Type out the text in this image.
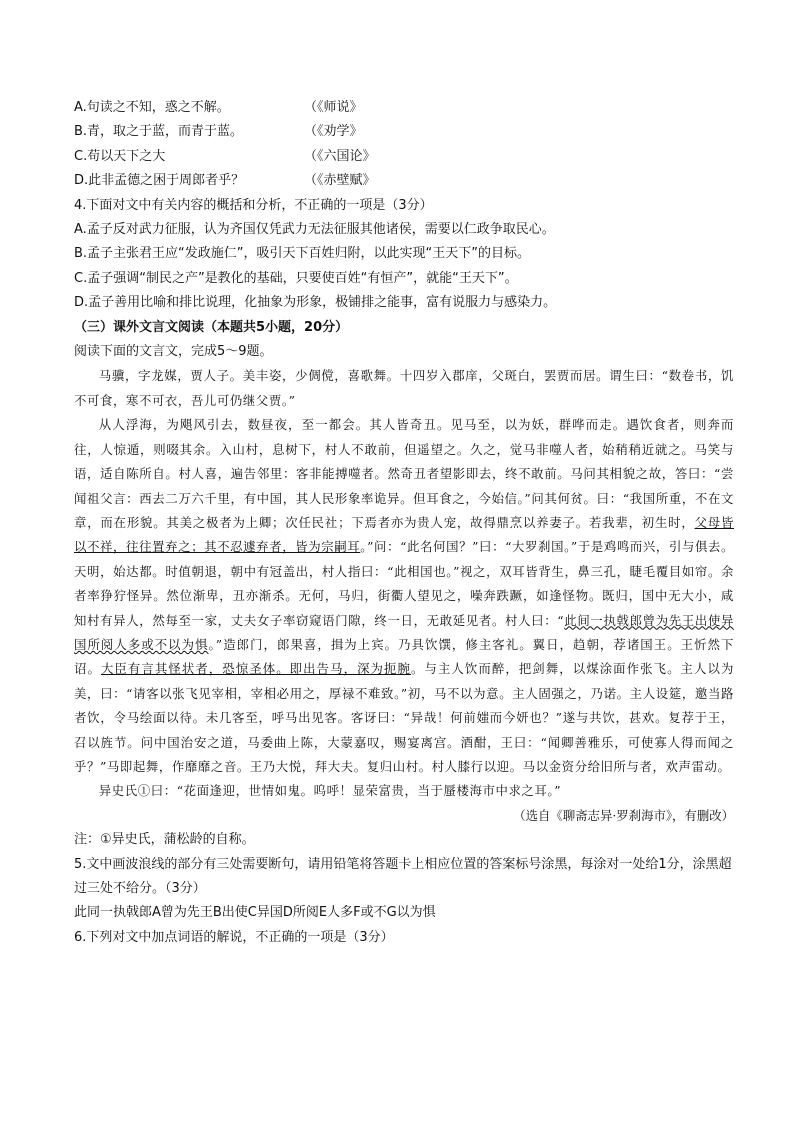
A.句读之不知，惑之不解。	（《师说》
B.青，取之于蓝，而青于蓝。	（《劝学》
C.苟以天下之大	（《六国论》
D.此非孟德之困于周郎者乎？	（《赤壁赋》
4.下面对文中有关内容的概括和分析，不正确的一项是（3分）
A.孟子反对武力征服，认为齐国仅凭武力无法征服其他诸侯，需要以仁政争取民心。
B.孟子主张君王应“发政施仁”，吸引天下百姓归附，以此实现“王天下”的目标。
C.孟子强调“制民之产”是教化的基础，只要使百姓“有恒产”，就能“王天下”。
D.孟子善用比喻和排比说理，化抽象为形象，极铺排之能事，富有说服力与感染力。
（三）课外文言文阅读（本题共5小题，20分）
阅读下面的文言文，完成5～9题。

马骥，字龙媒，贾人子。美丰姿，少倜傥，喜歌舞。十四岁入郡庠，父斑白，罢贾而居。谓生曰：“数卷书，饥不可食，寒不可衣，吾儿可仍继父贾。”

从人浮海，为飓风引去，数昼夜，至一都会。其人皆奇丑。见马至，以为妖，群哗而走。遇饮食者，则奔而往，人惊遁，则啜其余。入山村，息树下，村人不敢前，但遥望之。久之，觉马非噬人者，始稍稍近就之。马笑与语，适自陈所自。村人喜，遍告邻里：客非能搏噬者。然奇丑者望影即去，终不敢前。马问其相貌之故，答曰：“尝闻祖父言：西去二万六千里，有中国，其人民形象率诡异。但耳食之，今始信。”问其何贫。曰：“我国所重，不在文章，而在形貌。其美之极者为上卿；次任民社；下焉者亦为贵人宠，故得鼎烹以养妻子。若我辈，初生时，父母皆以不祥，往往置弃之；其不忍遽弃者，皆为宗嗣耳。”问：“此名何国？”曰：“大罗刹国。”于是鸡鸣而兴，引与俱去。天明，始达都。时值朝退，朝中有冠盖出，村人指曰：“此相国也。”视之，双耳皆背生，鼻三孔，睫毛覆目如帘。余者率狰狞怪异。然位渐卑，丑亦渐杀。无何，马归，街衢人望见之，噪奔跌蹶，如逢怪物。既归，国中无大小，咸知村有异人，然每至一家，丈夫女子率窃窥语门隙，终一日，无敢延见者。村人曰：“此间一执戟郎曾为先王出使异国所阅人多或不以为惧。”造郎门，郎果喜，揖为上宾。乃具饮馔，修主客礼。翼日，趋朝，荐诸国王。王忻然下诏。大臣有言其怪状者，恐惊圣体。即出告马，深为扼腕。与主人饮而醉，把剑舞，以煤涂面作张飞。主人以为美，曰：“请客以张飞见宰相，宰相必用之，厚禄不难致。”初，马不以为意。主人固强之，乃诺。主人设筵，邀当路者饮，令马绘面以待。未几客至，呼马出见客。客讶曰：“异哉！何前媸而今妍也？”遂与共饮，甚欢。复荐于王，召以旌节。问中国治安之道，马委曲上陈，大蒙嘉叹，赐宴离宫。酒酣，王曰：“闻卿善雅乐，可使寡人得而闻之乎？”马即起舞，作靡靡之音。王乃大悦，拜大夫。复归山村。村人膝行以迎。马以金资分给旧所与者，欢声雷动。

异史氏①曰：“花面逢迎，世情如鬼。呜呼！显荣富贵，当于蜃楼海市中求之耳。”

（选自《聊斋志异·罗刹海市》，有删改）
注：①异史氏，蒲松龄的自称。
5.文中画波浪线的部分有三处需要断句，请用铅笔将答题卡上相应位置的答案标号涂黑，每涂对一处给1分，涂黑超过三处不给分。（3分）
此同一执戟郎A曾为先王B出使C异国D所阅E人多F或不G以为惧
6.下列对文中加点词语的解说，不正确的一项是（3分）
